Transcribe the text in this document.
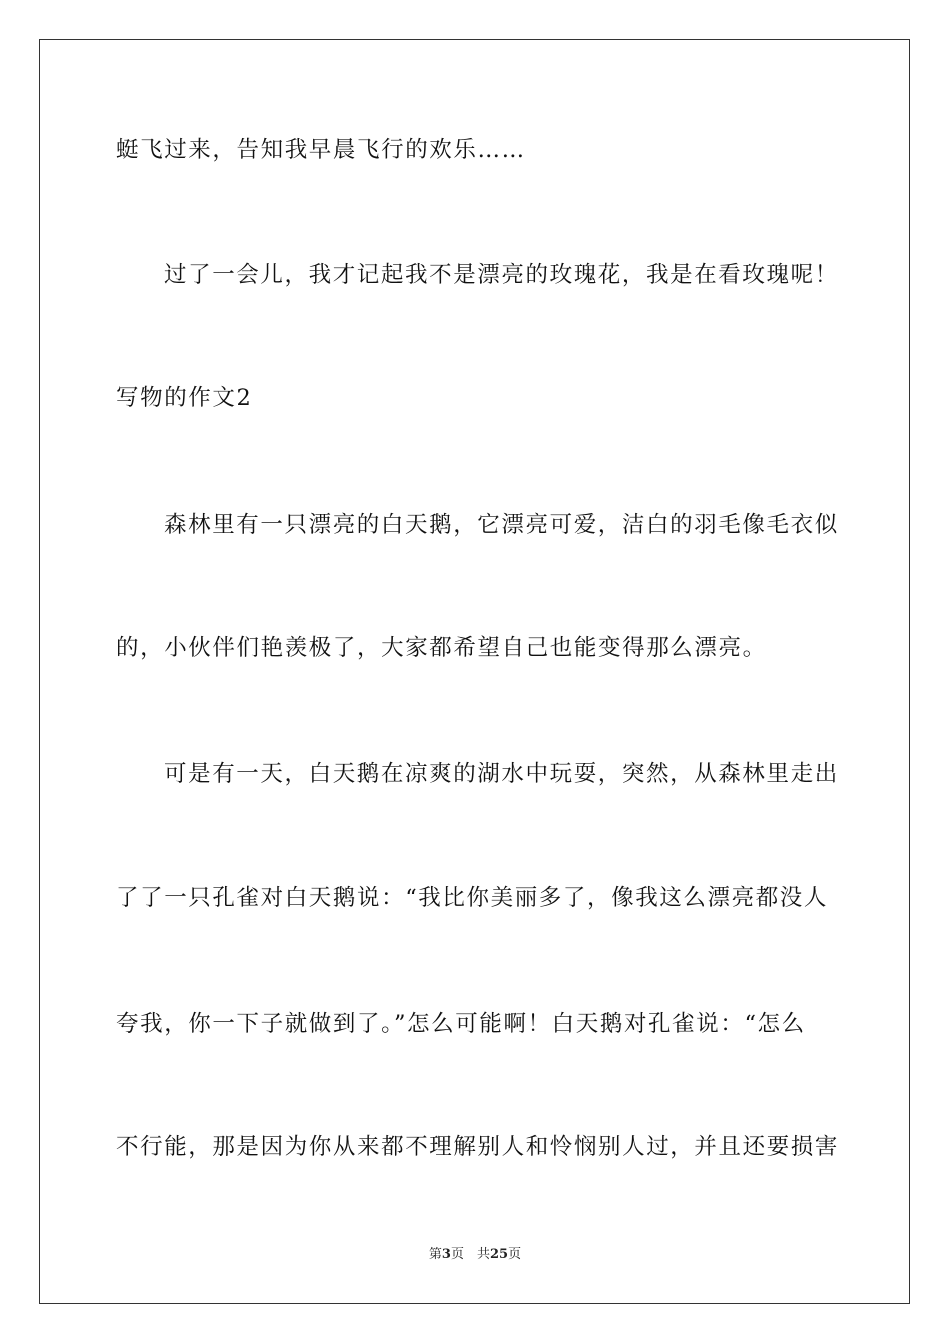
蜓飞过来，告知我早晨飞行的欢乐……
过了一会儿，我才记起我不是漂亮的玫瑰花，我是在看玫瑰呢！
写物的作文2
森林里有一只漂亮的白天鹅，它漂亮可爱，洁白的羽毛像毛衣似
的，小伙伴们艳羡极了，大家都希望自己也能变得那么漂亮。
可是有一天，白天鹅在凉爽的湖水中玩耍，突然，从森林里走出
了了一只孔雀对白天鹅说：“我比你美丽多了，像我这么漂亮都没人
夸我，你一下子就做到了。”怎么可能啊！白天鹅对孔雀说：“怎么
不行能，那是因为你从来都不理解别人和怜悯别人过，并且还要损害
第3页　共25页
